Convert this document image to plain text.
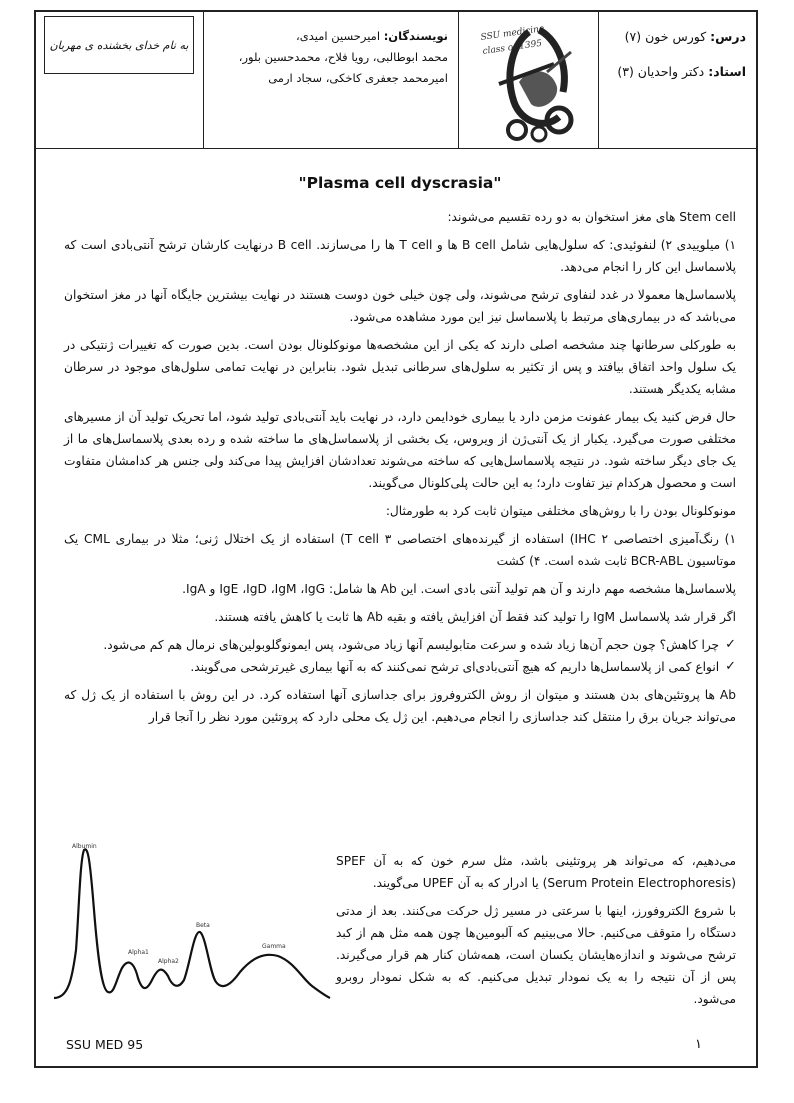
درس: کورس خون (۷)
استاد: دکتر واحدیان (۳)
SSU medicine
class of 1395
نویسندگان: امیرحسین امیدی،
محمد ابوطالبی، رویا فلاح، محمدحسین بلور،
امیرمحمد جعفری کاخکی، سجاد ارمی
به نام خدای بخشنده ی مهربان
"Plasma cell dyscrasia"

Stem cell های مغز استخوان به دو رده تقسیم می‌شوند:

۱) میلوییدی ۲) لنفوئیدی: که سلول‌هایی شامل B cell ها و T cell ها را می‌سازند. B cell درنهایت کارشان ترشح آنتی‌بادی است که پلاسماسل این کار را انجام می‌دهد.

پلاسماسل‌ها معمولا در غدد لنفاوی ترشح می‌شوند، ولی چون خیلی خون دوست هستند در نهایت بیشترین جایگاه آنها در مغز استخوان می‌باشد که در بیماری‌های مرتبط با پلاسماسل نیز این مورد مشاهده می‌شود.

به طورکلی سرطانها چند مشخصه اصلی دارند که یکی از این مشخصه‌ها مونوکلونال بودن است. بدین صورت که تغییرات ژنتیکی در یک سلول واحد اتفاق بیافتد و پس از تکثیر به سلول‌های سرطانی تبدیل شود. بنابراین در نهایت تمامی سلول‌های موجود در سرطان مشابه یکدیگر هستند.

حال فرض کنید یک بیمار عفونت مزمن دارد یا بیماری خودایمن دارد، در نهایت باید آنتی‌بادی تولید شود، اما تحریک تولید آن از مسیرهای مختلفی صورت می‌گیرد. یکبار از یک آنتی‌ژن از ویروس، یک بخشی از پلاسماسل‌های ما ساخته شده و رده بعدی پلاسماسل‌های ما از یک جای دیگر ساخته شود. در نتیجه پلاسماسل‌هایی که ساخته می‌شوند تعدادشان افزایش پیدا می‌کند ولی جنس هر کدامشان متفاوت است و محصول هرکدام نیز تفاوت دارد؛ به این حالت پلی‌کلونال می‌گویند.

مونوکلونال بودن را با روش‌های مختلفی میتوان ثابت کرد به طورمثال:

۱) رنگ‌آمیزی اختصاصی IHC ۲) استفاده از گیرنده‌های اختصاصی T cell ۳) استفاده از یک اختلال ژنی؛ مثلا در بیماری CML یک موتاسیون BCR-ABL ثابت شده است. ۴) کشت

پلاسماسل‌ها مشخصه مهم دارند و آن هم تولید آنتی بادی است. این Ab ها شامل: IgE ،IgD ،IgM ،IgG و IgA.

اگر قرار شد پلاسماسل IgM را تولید کند فقط آن افزایش یافته و بقیه Ab ها ثابت یا کاهش یافته هستند.

✓
چرا کاهش؟ چون حجم آن‌ها زیاد شده و سرعت متابولیسم آنها زیاد می‌شود، پس ایمونوگلوبولین‌های نرمال هم کم می‌شود.
✓
انواع کمی از پلاسماسل‌ها داریم که هیچ آنتی‌بادی‌ای ترشح نمی‌کنند که به آنها بیماری غیرترشحی می‌گویند.

Ab ها پروتئین‌های بدن هستند و میتوان از روش الکتروفروز برای جداسازی آنها استفاده کرد. در این روش با استفاده از یک ژل که می‌تواند جریان برق را منتقل کند جداسازی را انجام می‌دهیم. این ژل یک محلی دارد که پروتئین مورد نظر را آنجا قرار

Albumin
Alpha1
Alpha2
Beta
Gamma

می‌دهیم، که می‌تواند هر پروتئینی باشد، مثل سرم خون که به آن SPEF (Serum Protein Electrophoresis) یا ادرار که به آن UPEF می‌گویند.

با شروع الکتروفورز، اینها با سرعتی در مسیر ژل حرکت می‌کنند. بعد از مدتی دستگاه را متوقف می‌کنیم. حالا می‌بینیم که آلبومین‌ها چون همه مثل هم از کبد ترشح می‌شوند و اندازه‌هایشان یکسان است، همه‌شان کنار هم قرار می‌گیرند. پس از آن نتیجه را به یک نمودار تبدیل می‌کنیم. که به شکل نمودار روبرو می‌شود.

SSU MED 95	۱
